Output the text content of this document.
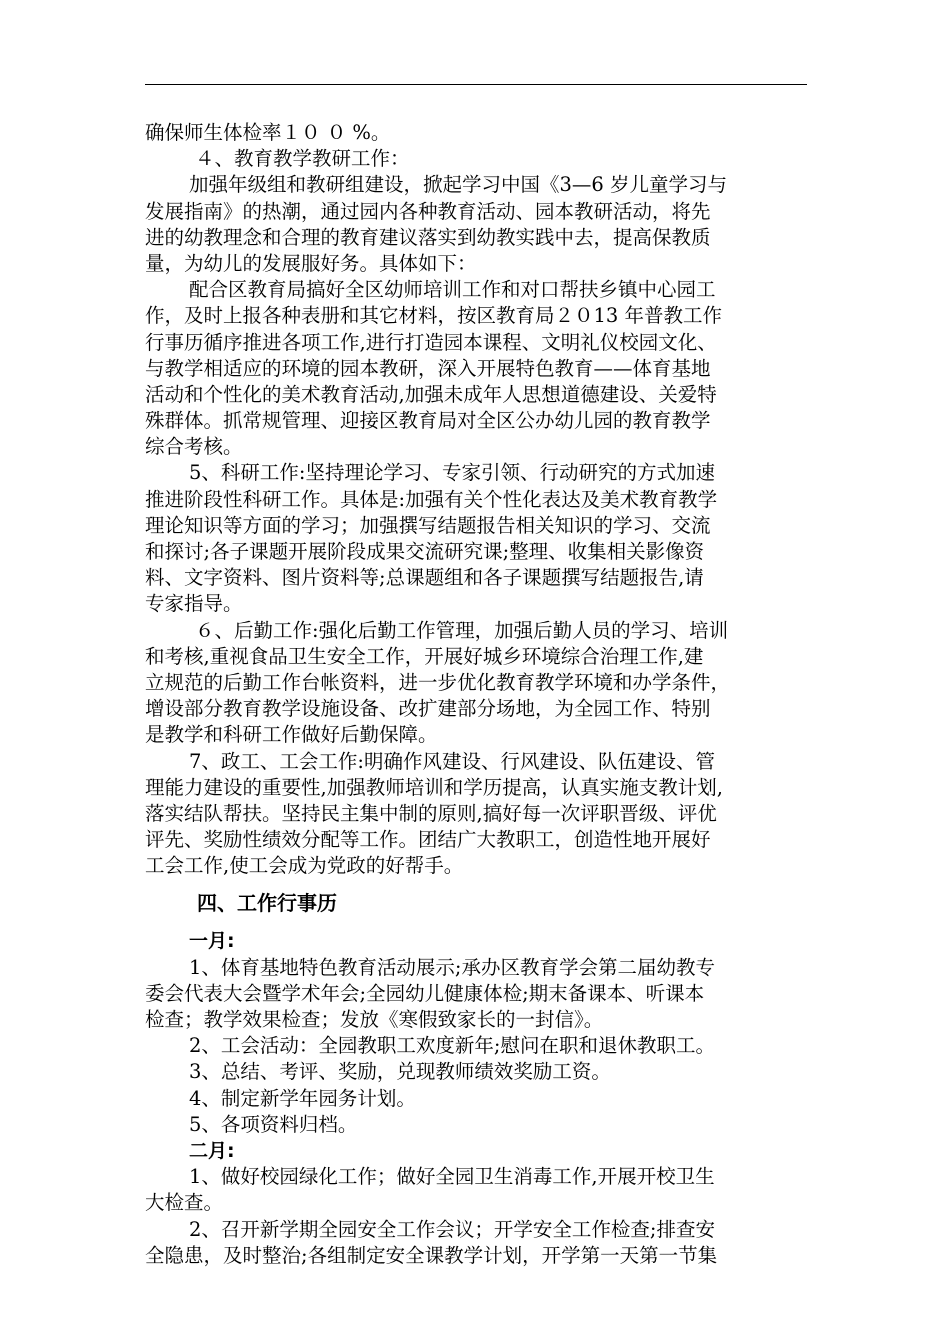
确保师生体检率１０ ０ %。
４、教育教学教研工作：
加强年级组和教研组建设，掀起学习中国《3—6 岁儿童学习与
发展指南》的热潮，通过园内各种教育活动、园本教研活动，将先
进的幼教理念和合理的教育建议落实到幼教实践中去，提高保教质
量，为幼儿的发展服好务。具体如下：
配合区教育局搞好全区幼师培训工作和对口帮扶乡镇中心园工
作，及时上报各种表册和其它材料，按区教育局２０13 年普教工作
行事历循序推进各项工作,进行打造园本课程、文明礼仪校园文化、
与教学相适应的环境的园本教研，深入开展特色教育——体育基地
活动和个性化的美术教育活动,加强未成年人思想道德建设、关爱特
殊群体。抓常规管理、迎接区教育局对全区公办幼儿园的教育教学
综合考核。
5、科研工作:坚持理论学习、专家引领、行动研究的方式加速
推进阶段性科研工作。具体是:加强有关个性化表达及美术教育教学
理论知识等方面的学习；加强撰写结题报告相关知识的学习、交流
和探讨;各子课题开展阶段成果交流研究课;整理、收集相关影像资
料、文字资料、图片资料等;总课题组和各子课题撰写结题报告,请
专家指导。
６、后勤工作:强化后勤工作管理，加强后勤人员的学习、培训
和考核,重视食品卫生安全工作，开展好城乡环境综合治理工作,建
立规范的后勤工作台帐资料，进一步优化教育教学环境和办学条件，
增设部分教育教学设施设备、改扩建部分场地，为全园工作、特别
是教学和科研工作做好后勤保障。
7、政工、工会工作:明确作风建设、行风建设、队伍建设、管
理能力建设的重要性,加强教师培训和学历提高，认真实施支教计划,
落实结队帮扶。坚持民主集中制的原则,搞好每一次评职晋级、评优
评先、奖励性绩效分配等工作。团结广大教职工，创造性地开展好
工会工作,使工会成为党政的好帮手。
四、工作行事历
一月:
1、体育基地特色教育活动展示;承办区教育学会第二届幼教专
委会代表大会暨学术年会;全园幼儿健康体检;期末备课本、听课本
检查；教学效果检查；发放《寒假致家长的一封信》。
2、工会活动：全园教职工欢度新年;慰问在职和退休教职工。
3、总结、考评、奖励，兑现教师绩效奖励工资。
4、制定新学年园务计划。
5、各项资料归档。
二月:
1、做好校园绿化工作；做好全园卫生消毒工作,开展开校卫生
大检查。
2、召开新学期全园安全工作会议；开学安全工作检查;排查安
全隐患，及时整治;各组制定安全课教学计划，开学第一天第一节集
